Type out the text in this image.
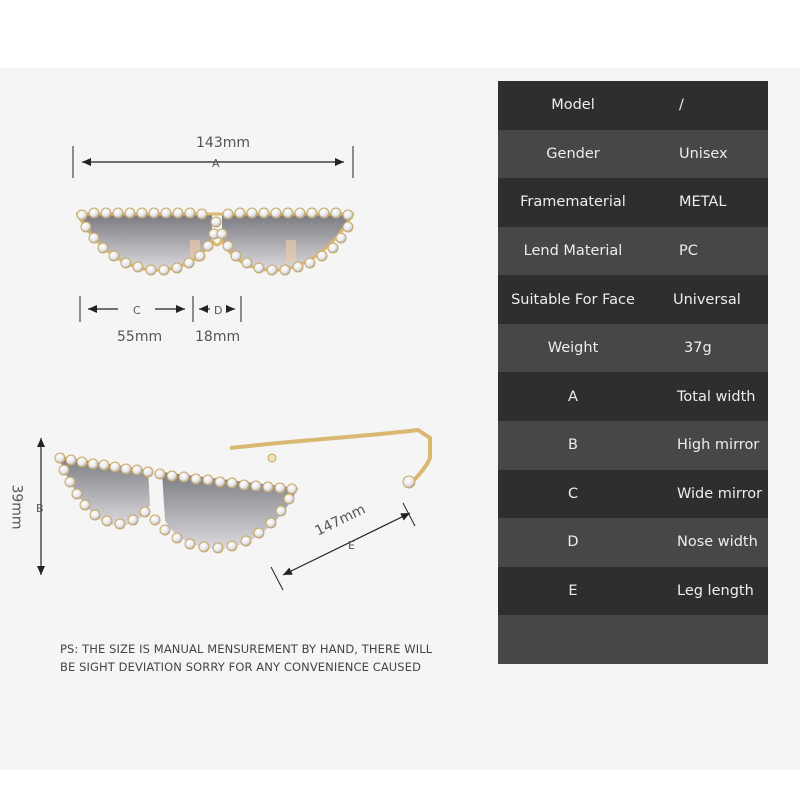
143mm
A
C	D
55mm 18mm
39mm B	147mm
E
Model	/
Gender	Unisex
Framematerial	METAL
Lend Material	PC
Suitable For Face	Universal
Weight	37g
A	Total width
B	High mirror
C	Wide mirror
D	Nose width
E	Leg length
PS: THE SIZE IS MANUAL MENSUREMENT BY HAND, THERE WILL BE SIGHT DEVIATION SORRY FOR ANY CONVENIENCE CAUSED
